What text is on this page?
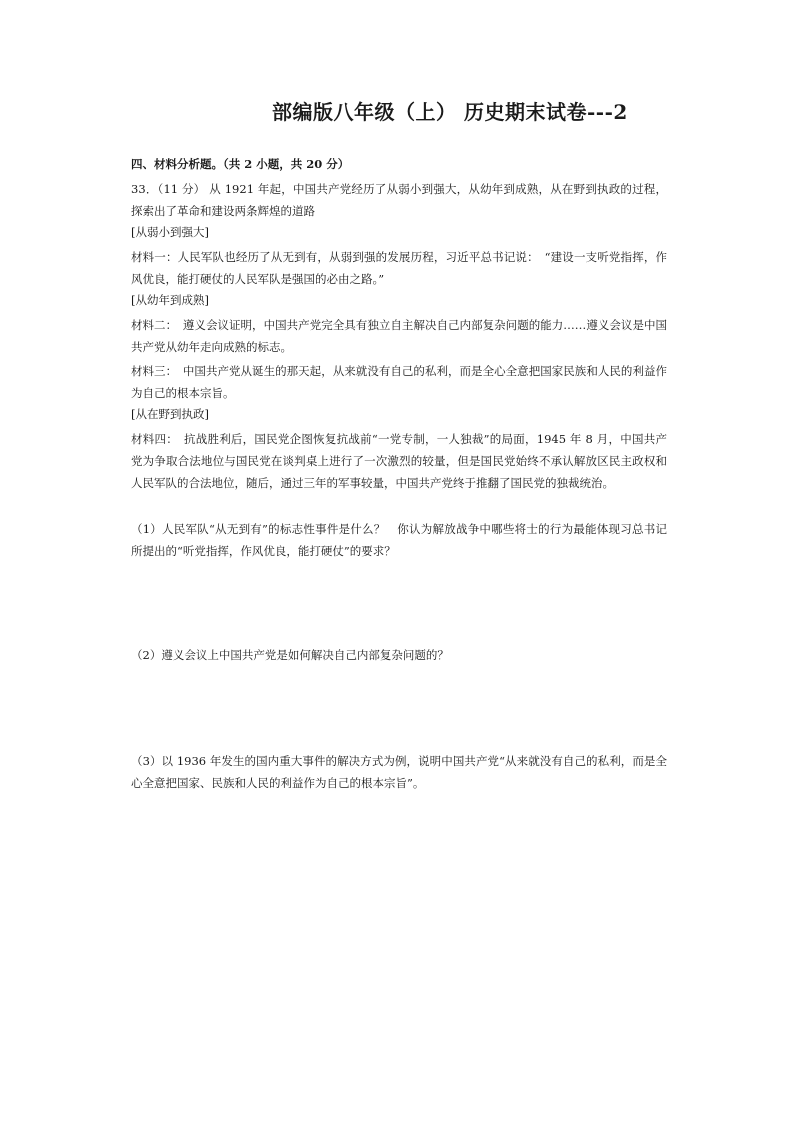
部编版八年级（上） 历史期末试卷---2
四、材料分析题。（共 2 小题，共 20 分）
33．（11 分） 从 1921 年起，中国共产党经历了从弱小到强大，从幼年到成熟，从在野到执政的过程，探索出了革命和建设两条辉煌的道路
[从弱小到强大]
材料一：人民军队也经历了从无到有，从弱到强的发展历程，习近平总书记说：　“建设一支听党指挥，作风优良，能打硬仗的人民军队是强国的必由之路。”
[从幼年到成熟]
材料二：　遵义会议证明，中国共产党完全具有独立自主解决自己内部复杂问题的能力……遵义会议是中国共产党从幼年走向成熟的标志。
材料三：　中国共产党从诞生的那天起，从来就没有自己的私利，而是全心全意把国家民族和人民的利益作为自己的根本宗旨。
[从在野到执政]
材料四：　抗战胜利后，国民党企图恢复抗战前“一党专制，一人独裁”的局面，1945 年 8 月，中国共产党为争取合法地位与国民党在谈判桌上进行了一次激烈的较量，但是国民党始终不承认解放区民主政权和人民军队的合法地位，随后，通过三年的军事较量，中国共产党终于推翻了国民党的独裁统治。
（1）人民军队“从无到有”的标志性事件是什么？　你认为解放战争中哪些将士的行为最能体现习总书记所提出的“听党指挥，作风优良，能打硬仗”的要求？
（2）遵义会议上中国共产党是如何解决自己内部复杂问题的？
（3）以 1936 年发生的国内重大事件的解决方式为例，说明中国共产党“从来就没有自己的私利，而是全心全意把国家、民族和人民的利益作为自己的根本宗旨”。
